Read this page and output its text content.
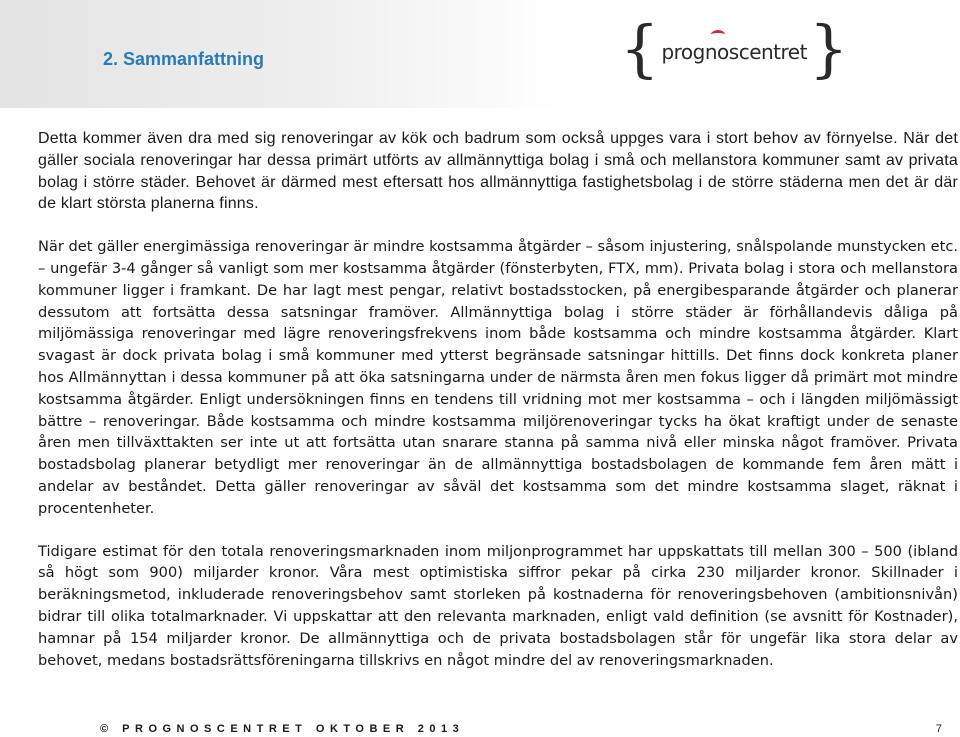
2. Sammanfattning	{ prognoscentret }

Detta kommer även dra med sig renoveringar av kök och badrum som också uppges vara i stort behov av förnyelse. När det gäller sociala renoveringar har dessa primärt utförts av allmännyttiga bolag i små och mellanstora kommuner samt av privata bolag i större städer. Behovet är därmed mest eftersatt hos allmännyttiga fastighetsbolag i de större städerna men det är där de klart största planerna finns.

När det gäller energimässiga renoveringar är mindre kostsamma åtgärder – såsom injustering, snålspolande munstycken etc. – ungefär 3-4 gånger så vanligt som mer kostsamma åtgärder (fönsterbyten, FTX, mm). Privata bolag i stora och mellanstora kommuner ligger i framkant. De har lagt mest pengar, relativt bostadsstocken, på energibesparande åtgärder och planerar dessutom att fortsätta dessa satsningar framöver. Allmännyttiga bolag i större städer är förhållandevis dåliga på miljömässiga renoveringar med lägre renoveringsfrekvens inom både kostsamma och mindre kostsamma åtgärder. Klart svagast är dock privata bolag i små kommuner med ytterst begränsade satsningar hittills. Det finns dock konkreta planer hos Allmännyttan i dessa kommuner på att öka satsningarna under de närmsta åren men fokus ligger då primärt mot mindre kostsamma åtgärder. Enligt undersökningen finns en tendens till vridning mot mer kostsamma – och i längden miljömässigt bättre – renoveringar. Både kostsamma och mindre kostsamma miljörenoveringar tycks ha ökat kraftigt under de senaste åren men tillväxttakten ser inte ut att fortsätta utan snarare stanna på samma nivå eller minska något framöver. Privata bostadsbolag planerar betydligt mer renoveringar än de allmännyttiga bostadsbolagen de kommande fem åren mätt i andelar av beståndet. Detta gäller renoveringar av såväl det kostsamma som det mindre kostsamma slaget, räknat i procentenheter.

Tidigare estimat för den totala renoveringsmarknaden inom miljonprogrammet har uppskattats till mellan 300 – 500 (ibland så högt som 900) miljarder kronor. Våra mest optimistiska siffror pekar på cirka 230 miljarder kronor. Skillnader i beräkningsmetod, inkluderade renoveringsbehov samt storleken på kostnaderna för renoveringsbehoven (ambitionsnivån) bidrar till olika totalmarknader. Vi uppskattar att den relevanta marknaden, enligt vald definition (se avsnitt för Kostnader), hamnar på 154 miljarder kronor. De allmännyttiga och de privata bostadsbolagen står för ungefär lika stora delar av behovet, medans bostadsrättsföreningarna tillskrivs en något mindre del av renoveringsmarknaden.

© PROGNOSCENTRET OKTOBER 2013	7
